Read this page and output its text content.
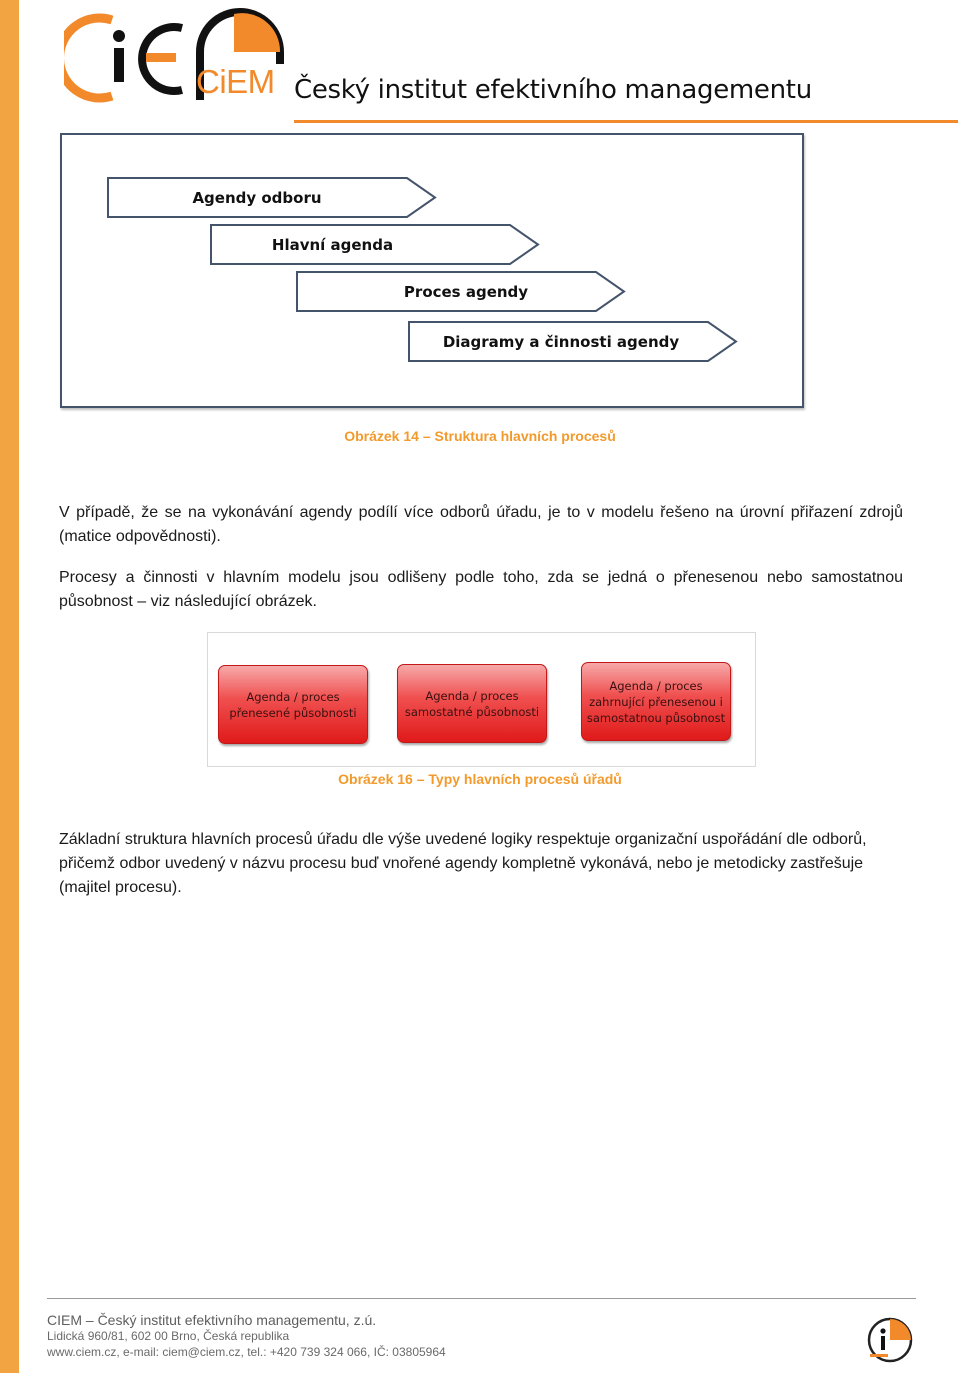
CiEM Český institut efektivního managementu
Agendy odboru
Hlavní agenda
Proces agendy
Diagramy a činnosti agendy
Obrázek 14 – Struktura hlavních procesů
V případě, že se na vykonávání agendy podílí více odborů úřadu, je to v modelu řešeno na úrovní přiřazení zdrojů (matice odpovědnosti).
Procesy a činnosti v hlavním modelu jsou odlišeny podle toho, zda se jedná o přenesenou nebo samostatnou působnost – viz následující obrázek.
Agenda / proces
přenesené působnosti
Agenda / proces
samostatné působnosti
Agenda / proces
zahrnující přenesenou i
samostatnou působnost
Obrázek 16 – Typy hlavních procesů úřadů
Základní struktura hlavních procesů úřadu dle výše uvedené logiky respektuje organizační uspořádání dle odborů, přičemž odbor uvedený v názvu procesu buď vnořené agendy kompletně vykonává, nebo je metodicky zastřešuje (majitel procesu).
CIEM – Český institut efektivního managementu, z.ú.
Lidická 960/81, 602 00 Brno, Česká republika
www.ciem.cz, e-mail: ciem@ciem.cz, tel.: +420 739 324 066, IČ: 03805964
